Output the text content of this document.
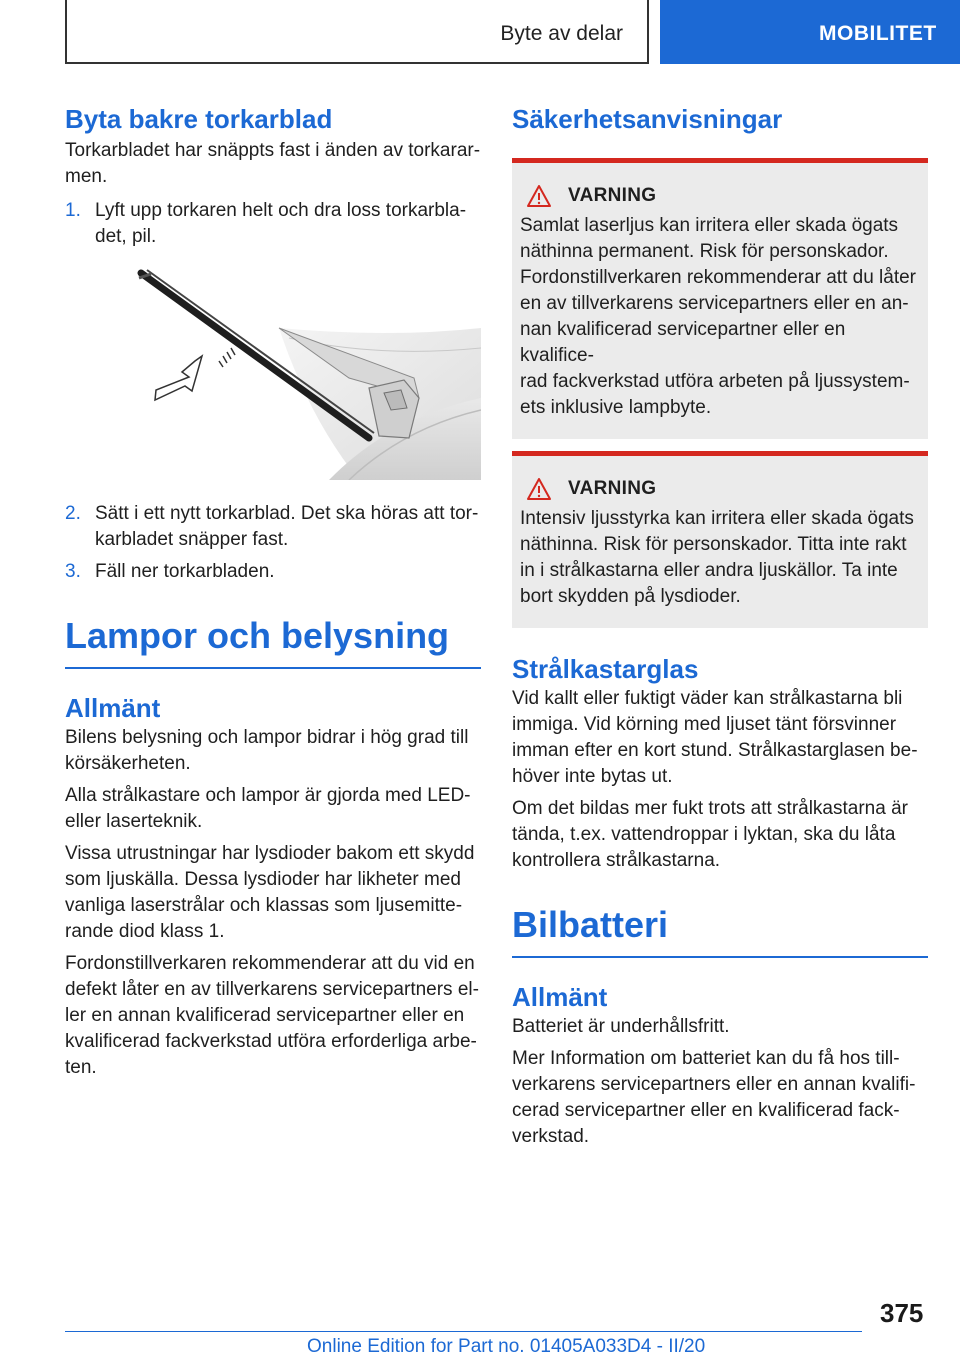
Byte av delar	MOBILITET
Byta bakre torkarblad

Torkarbladet har snäppts fast i änden av torkarar-
men.

1. Lyft upp torkaren helt och dra loss torkarbla-
det, pil.
2. Sätt i ett nytt torkarblad. Det ska höras att tor-
karbladet snäpper fast.
3. Fäll ner torkarbladen.
Lampor och belysning
Allmänt

Bilens belysning och lampor bidrar i hög grad till
körsäkerheten.

Alla strålkastare och lampor är gjorda med LED-
eller laserteknik.

Vissa utrustningar har lysdioder bakom ett skydd
som ljuskälla. Dessa lysdioder har likheter med
vanliga laserstrålar och klassas som ljusemitte-
rande diod klass 1.

Fordonstillverkaren rekommenderar att du vid en
defekt låter en av tillverkarens servicepartners el-
ler en annan kvalificerad servicepartner eller en
kvalificerad fackverkstad utföra erforderliga arbe-
ten.

Säkerhetsanvisningar
VARNING

Samlat laserljus kan irritera eller skada ögats
näthinna permanent. Risk för personskador.
Fordonstillverkaren rekommenderar att du låter
en av tillverkarens servicepartners eller en an-
nan kvalificerad servicepartner eller en kvalifice-
rad fackverkstad utföra arbeten på ljussystem-
ets inklusive lampbyte.

VARNING

Intensiv ljusstyrka kan irritera eller skada ögats
näthinna. Risk för personskador. Titta inte rakt
in i strålkastarna eller andra ljuskällor. Ta inte
bort skydden på lysdioder.

Strålkastarglas

Vid kallt eller fuktigt väder kan strålkastarna bli
immiga. Vid körning med ljuset tänt försvinner
imman efter en kort stund. Strålkastarglasen be-
höver inte bytas ut.

Om det bildas mer fukt trots att strålkastarna är
tända, t.ex. vattendroppar i lyktan, ska du låta
kontrollera strålkastarna.

Bilbatteri
Allmänt

Batteriet är underhållsfritt.

Mer Information om batteriet kan du få hos till-
verkarens servicepartners eller en annan kvalifi-
cerad servicepartner eller en kvalificerad fack-
verkstad.

375
Online Edition for Part no. 01405A033D4 - II/20
